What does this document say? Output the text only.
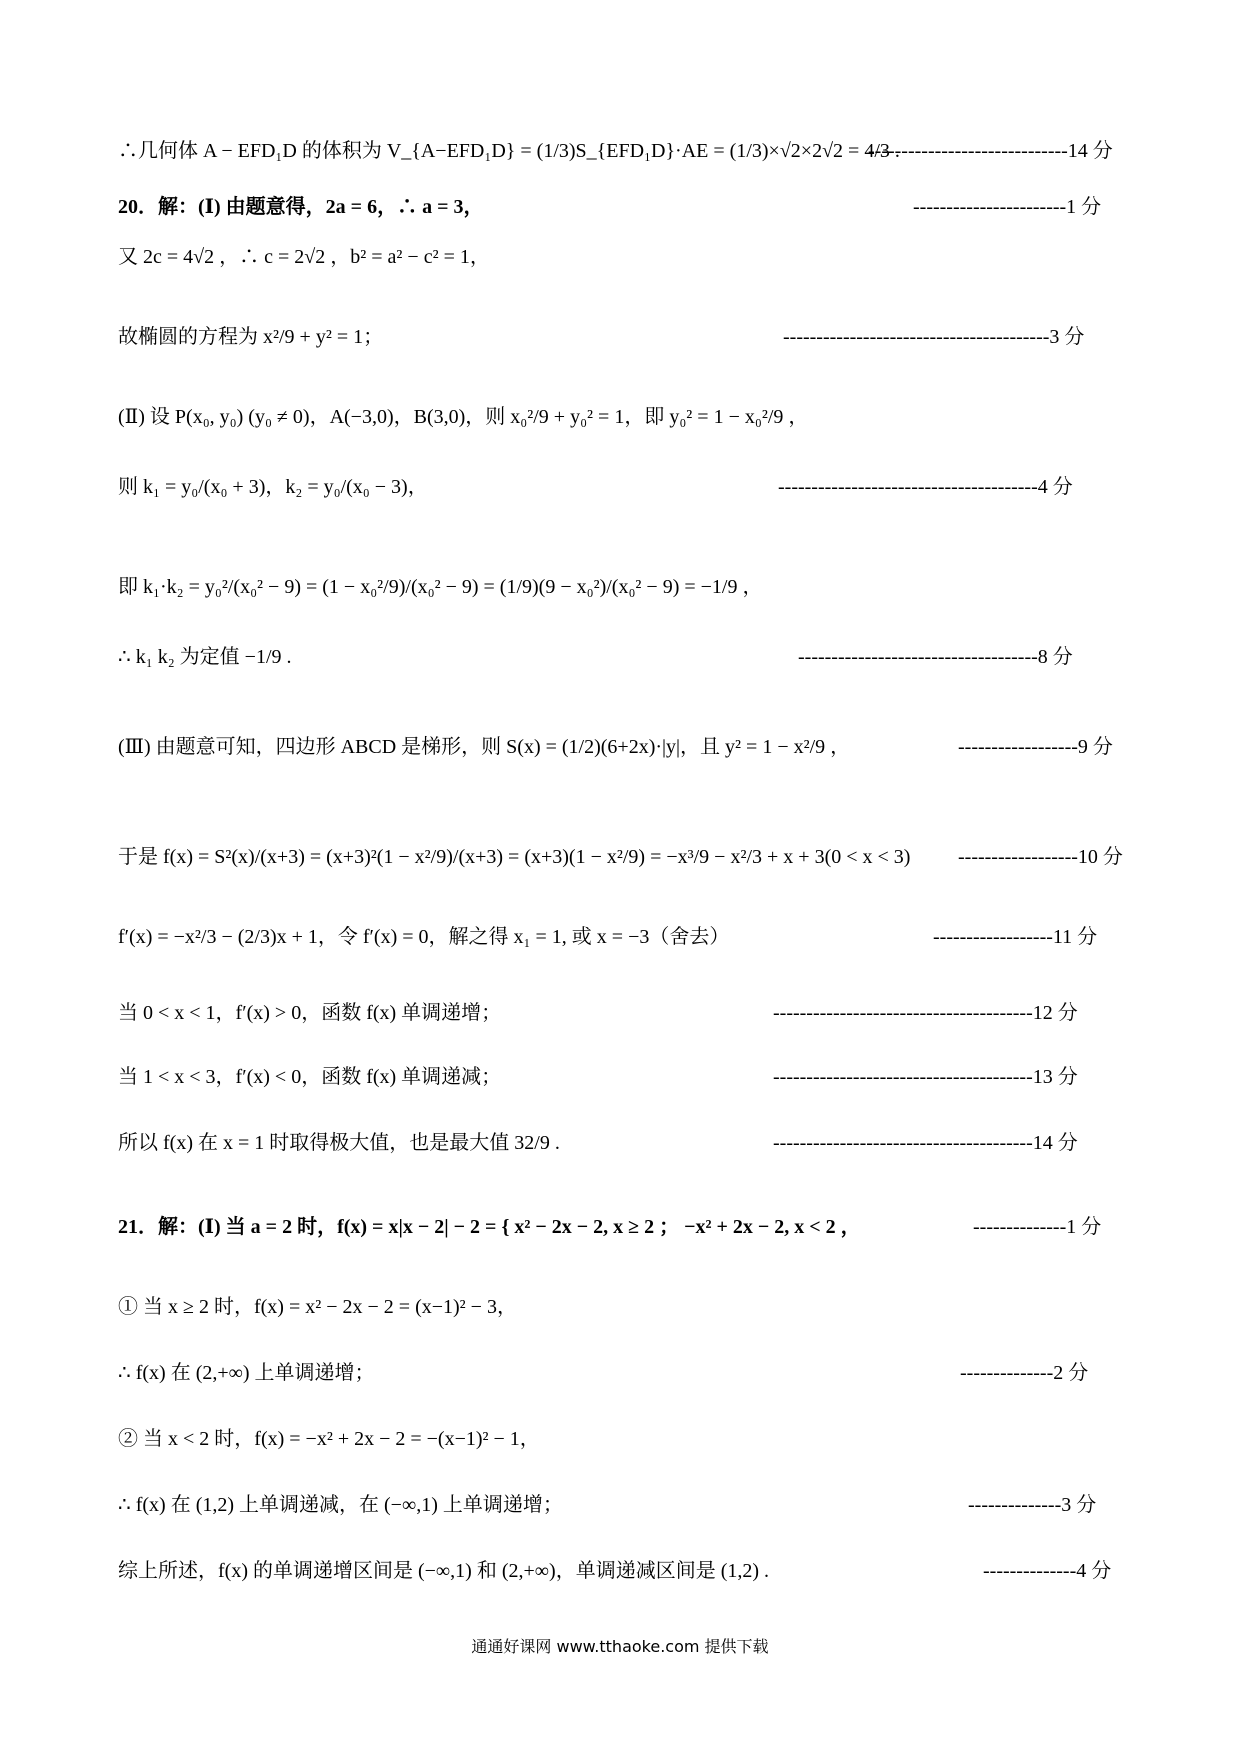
∴几何体 A − EFD₁D 的体积为 V_{A−EFD₁D} = (1/3)S_{EFD₁D}·AE = (1/3)×√2×2√2 = 4/3 .
------------------------------14 分
20．解：(Ⅰ) 由题意得，2a = 6，∴ a = 3，	-----------------------1 分
又 2c = 4√2 ，∴ c = 2√2 ，b² = a² − c² = 1，
故椭圆的方程为 x²/9 + y² = 1；	----------------------------------------3 分
(Ⅱ) 设 P(x₀, y₀) (y₀ ≠ 0)，A(−3,0)，B(3,0)，则 x₀²/9 + y₀² = 1，即 y₀² = 1 − x₀²/9 ，
则 k₁ = y₀/(x₀ + 3)，k₂ = y₀/(x₀ − 3)，	---------------------------------------4 分
即 k₁·k₂ = y₀²/(x₀² − 9) = (1 − x₀²/9)/(x₀² − 9) = (1/9)(9 − x₀²)/(x₀² − 9) = −1/9 ，
∴ k₁ k₂ 为定值 −1/9 .	------------------------------------8 分
(Ⅲ) 由题意可知，四边形 ABCD 是梯形，则 S(x) = (1/2)(6+2x)·|y|，且 y² = 1 − x²/9 ，	------------------9 分
于是 f(x) = S²(x)/(x+3) = (x+3)²(1 − x²/9)/(x+3) = (x+3)(1 − x²/9) = −x³/9 − x²/3 + x + 3(0 < x < 3) ------------------10 分
f′(x) = −x²/3 − (2/3)x + 1，令 f′(x) = 0，解之得 x₁ = 1, 或 x = −3（舍去）	------------------11 分
当 0 < x < 1，f′(x) > 0，函数 f(x) 单调递增；	---------------------------------------12 分
当 1 < x < 3，f′(x) < 0，函数 f(x) 单调递减；	---------------------------------------13 分
所以 f(x) 在 x = 1 时取得极大值，也是最大值 32/9 .	---------------------------------------14 分
21．解：(Ⅰ) 当 a = 2 时，f(x) = x|x − 2| − 2 = { x² − 2x − 2, x ≥ 2 ； −x² + 2x − 2, x < 2 ，	--------------1 分
① 当 x ≥ 2 时，f(x) = x² − 2x − 2 = (x−1)² − 3，
∴ f(x) 在 (2,+∞) 上单调递增；	--------------2 分
② 当 x < 2 时，f(x) = −x² + 2x − 2 = −(x−1)² − 1，
∴ f(x) 在 (1,2) 上单调递减，在 (−∞,1) 上单调递增；	--------------3 分
综上所述，f(x) 的单调递增区间是 (−∞,1) 和 (2,+∞)，单调递减区间是 (1,2) .	--------------4 分
通通好课网 www.tthaoke.com 提供下载
